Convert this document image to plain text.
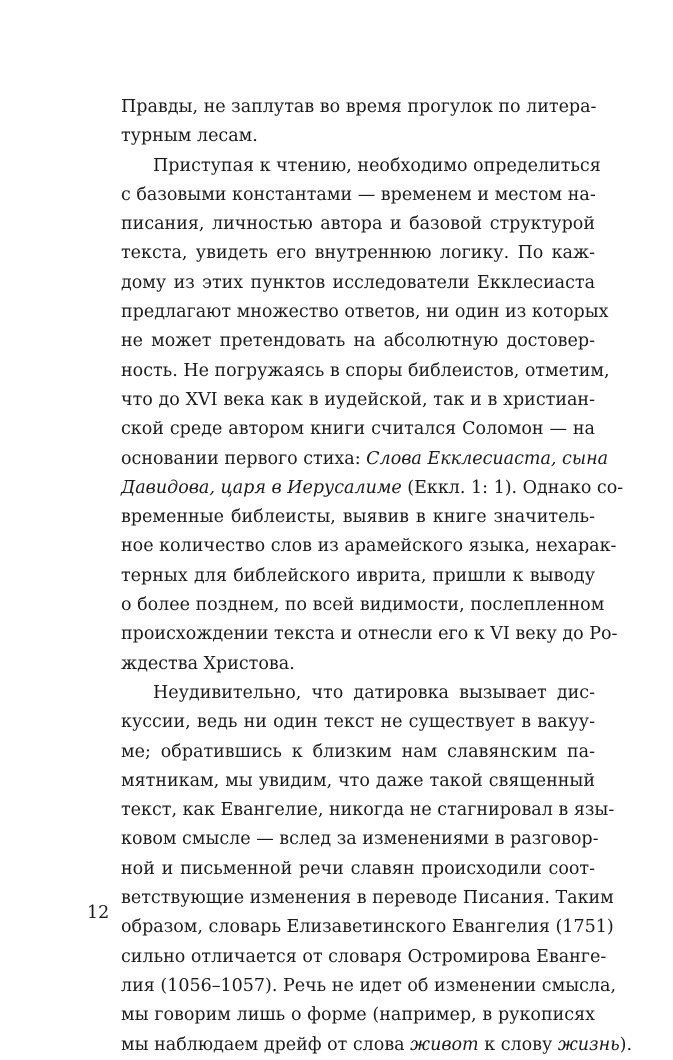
Правды, не заплутав во время прогулок по литера-
турным лесам.

Приступая к чтению, необходимо определиться
с базовыми константами — временем и местом на-
писания, личностью автора и базовой структурой
текста, увидеть его внутреннюю логику. По каж-
дому из этих пунктов исследователи Екклесиаста
предлагают множество ответов, ни один из которых
не может претендовать на абсолютную достовер-
ность. Не погружаясь в споры библеистов, отметим,
что до XVI века как в иудейской, так и в христиан-
ской среде автором книги считался Соломон — на
основании первого стиха: Слова Екклесиаста, сына
Давидова, царя в Иерусалиме (Еккл. 1: 1). Однако со-
временные библеисты, выявив в книге значитель-
ное количество слов из арамейского языка, нехарак-
терных для библейского иврита, пришли к выводу
о более позднем, по всей видимости, послепленном
происхождении текста и отнесли его к VI веку до Ро-
ждества Христова.

Неудивительно, что датировка вызывает дис-
куссии, ведь ни один текст не существует в вакуу-
ме; обратившись к близким нам славянским па-
мятникам, мы увидим, что даже такой священный
текст, как Евангелие, никогда не стагнировал в язы-
ковом смысле — вслед за изменениями в разговор-
ной и письменной речи славян происходили соот-
ветствующие изменения в переводе Писания. Таким
образом, словарь Елизаветинского Евангелия (1751)
сильно отличается от словаря Остромирова Еванге-
лия (1056–1057). Речь не идет об изменении смысла,
мы говорим лишь о форме (например, в рукописях
мы наблюдаем дрейф от слова живот к слову жизнь).

12
